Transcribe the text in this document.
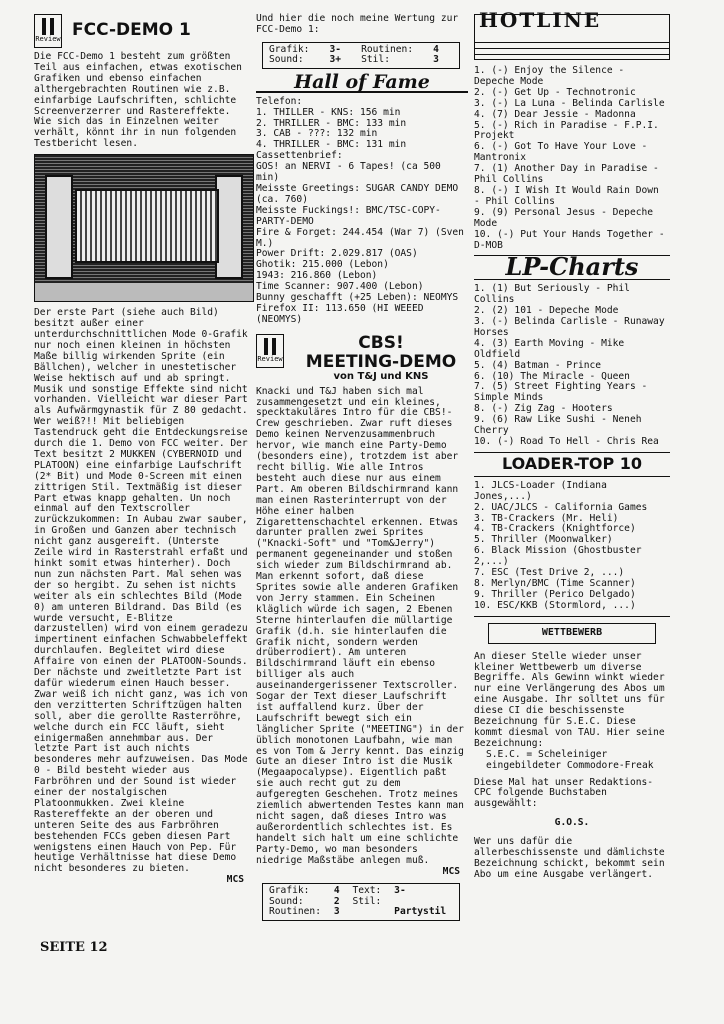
Review FCC-DEMO 1

Die FCC-Demo 1 besteht zum größten Teil aus einfachen, etwas exotischen Grafiken und ebenso einfachen althergebrachten Routinen wie z.B. einfarbige Laufschriften, schlichte Screenverzerrer und Rastereffekte. Wie sich das in Einzelnen weiter verhält, könnt ihr in nun folgenden Testbericht lesen.

Der erste Part (siehe auch Bild) besitzt außer einer unterdurchschnittlichen Mode 0-Grafik nur noch einen kleinen in höchsten Maße billig wirkenden Sprite (ein Bällchen), welcher in unestetischer Weise hektisch auf und ab springt. Musik und sonstige Effekte sind nicht vorhanden. Vielleicht war dieser Part als Aufwärmgynastik für Z 80 gedacht. Wer weiß?!! Mit beliebigen Tastendruck geht die Entdeckungsreise durch die 1. Demo von FCC weiter. Der Text besitzt 2 MUKKEN (CYBERNOID und PLATOON) eine einfarbige Laufschrift (2* Bit) und Mode 0-Screen mit einen zittrigen Stil. Textmäßig ist dieser Part etwas knapp gehalten. Un noch einmal auf den Textscroller zurückzukommen: In Aubau zwar sauber, in Großen und Ganzen aber technisch nicht ganz ausgereift. (Unterste Zeile wird in Rasterstrahl erfaßt und hinkt somit etwas hinterher). Doch nun zun nächsten Part. Mal sehen was der so hergibt. Zu sehen ist nichts weiter als ein schlechtes Bild (Mode 0) am unteren Bildrand. Das Bild (es wurde versucht, E-Blitze darzustellen) wird von einem geradezu impertinent einfachen Schwabbeleffekt durchlaufen. Begleitet wird diese Affaire von einen der PLATOON-Sounds. Der nächste und zweitletzte Part ist dafür wiederum einen Hauch besser. Zwar weiß ich nicht ganz, was ich von den verzitterten Schriftzügen halten soll, aber die gerollte Rasterröhre, welche durch ein FCC läuft, sieht einigermaßen annehmbar aus. Der letzte Part ist auch nichts besonderes mehr aufzuweisen. Das Mode 0 - Bild besteht wieder aus Farbröhren und der Sound ist wieder einer der nostalgischen Platoonmukken. Zwei kleine Rastereffekte an der oberen und unteren Seite des aus Farbröhren bestehenden FCCs geben diesen Part wenigstens einen Hauch von Pep. Für heutige Verhältnisse hat diese Demo nicht besonderes zu bieten.

MCS
SEITE 12

Und hier die noch meine Wertung zur FCC-Demo 1:

Grafik:	3-	Routinen:	4
Sound:	3+	Stil:	3
Hall of Fame

Telefon:

1. THILLER - KNS: 156 min

2. THRILLER - BMC: 133 min

3. CAB - ???: 132 min

4. THRILLER - BMC: 131 min

Cassettenbrief:

GOS! an NERVI - 6 Tapes! (ca 500 min)

Meisste Greetings: SUGAR CANDY DEMO (ca. 760)

Meisste Fuckings!: BMC/TSC-COPY-PARTY-DEMO

Fire & Forget: 244.454 (War 7) (Sven M.)

Power Drift: 2.029.817 (OAS)

Ghotik: 215.000 (Lebon)

1943: 216.860 (Lebon)

Time Scanner: 907.400 (Lebon)

Bunny geschafft (+25 Leben): NEOMYS

Firefox II: 113.650 (HI WEEED (NEOMYS)

Review
CBS!
MEETING-DEMO
von T&J und KNS

Knacki und T&J haben sich mal zusammengesetzt und ein kleines, specktakuläres Intro für die CBS!-Crew geschrieben. Zwar ruft dieses Demo keinen Nervenzusammenbruch hervor, wie manch eine Party-Demo (besonders eine), trotzdem ist aber recht billig. Wie alle Intros besteht auch diese nur aus einem Part. Am oberen Bildschirmrand kann man einen Rasterinterrupt von der Höhe einer halben Zigarettenschachtel erkennen. Etwas darunter prallen zwei Sprites ("Knacki-Soft" und "Tom&Jerry") permanent gegeneinander und stoßen sich wieder zum Bildschirmrand ab. Man erkennt sofort, daß diese Sprites sowie alle anderen Grafiken von Jerry stammen. Ein Scheinen kläglich würde ich sagen, 2 Ebenen Sterne hinterlaufen die müllartige Grafik (d.h. sie hinterlaufen die Grafik nicht, sondern werden drüberrodiert). Am unteren Bildschirmrand läuft ein ebenso billiger als auch auseinandergerissener Textscroller. Sogar der Text dieser Laufschrift ist auffallend kurz. Über der Laufschrift bewegt sich ein länglicher Sprite ("MEETING") in der üblich monotonen Laufbahn, wie man es von Tom & Jerry kennt. Das einzig Gute an dieser Intro ist die Musik (Megaapocalypse). Eigentlich paßt sie auch recht gut zu dem aufgeregten Geschehen. Trotz meines ziemlich abwertenden Testes kann man nicht sagen, daß dieses Intro was außerordentlich schlechtes ist. Es handelt sich halt um eine schlichte Party-Demo, wo man besonders niedrige Maßstäbe anlegen muß.

MCS
Grafik:	4	Text:	3-
Sound:	2	Stil:
Routinen:	3	Partystil
HOTLINE
1. (-) Enjoy the Silence - Depeche Mode
2. (-) Get Up - Technotronic
3. (-) La Luna - Belinda Carlisle
4. (7) Dear Jessie - Madonna
5. (-) Rich in Paradise - F.P.I. Projekt
6. (-) Got To Have Your Love - Mantronix
7. (1) Another Day in Paradise - Phil Collins
8. (-) I Wish It Would Rain Down - Phil Collins
9. (9) Personal Jesus - Depeche Mode
10. (-) Put Your Hands Together - D-MOB
LP-Charts
1. (1) But Seriously - Phil Collins
2. (2) 101 - Depeche Mode
3. (-) Belinda Carlisle - Runaway Horses
4. (3) Earth Moving - Mike Oldfield
5. (4) Batman - Prince
6. (10) The Miracle - Queen
7. (5) Street Fighting Years - Simple Minds
8. (-) Zig Zag - Hooters
9. (6) Raw Like Sushi - Neneh Cherry
10. (-) Road To Hell - Chris Rea
LOADER-TOP 10
1. JLCS-Loader (Indiana Jones,...)
2. UAC/JLCS - California Games
3. TB-Crackers (Mr. Heli)
4. TB-Crackers (Knightforce)
5. Thriller (Moonwalker)
6. Black Mission (Ghostbuster 2,...)
7. ESC (Test Drive 2, ...)
8. Merlyn/BMC (Time Scanner)
9. Thriller (Perico Delgado)
10. ESC/KKB (Stormlord, ...)
WETTBEWERB

An dieser Stelle wieder unser kleiner Wettbewerb um diverse Begriffe. Als Gewinn winkt wieder nur eine Verlängerung des Abos um eine Ausgabe. Ihr solltet uns für diese CI die beschissenste Bezeichnung für S.E.C. Diese kommt diesmal von TAU. Hier seine Bezeichnung:

S.E.C. = Scheleiniger eingebildeter Commodore-Freak

Diese Mal hat unser Redaktions-CPC folgende Buchstaben ausgewählt:

G.O.S.

Wer uns dafür die allerbeschissenste und dämlichste Bezeichnung schickt, bekommt sein Abo um eine Ausgabe verlängert.
